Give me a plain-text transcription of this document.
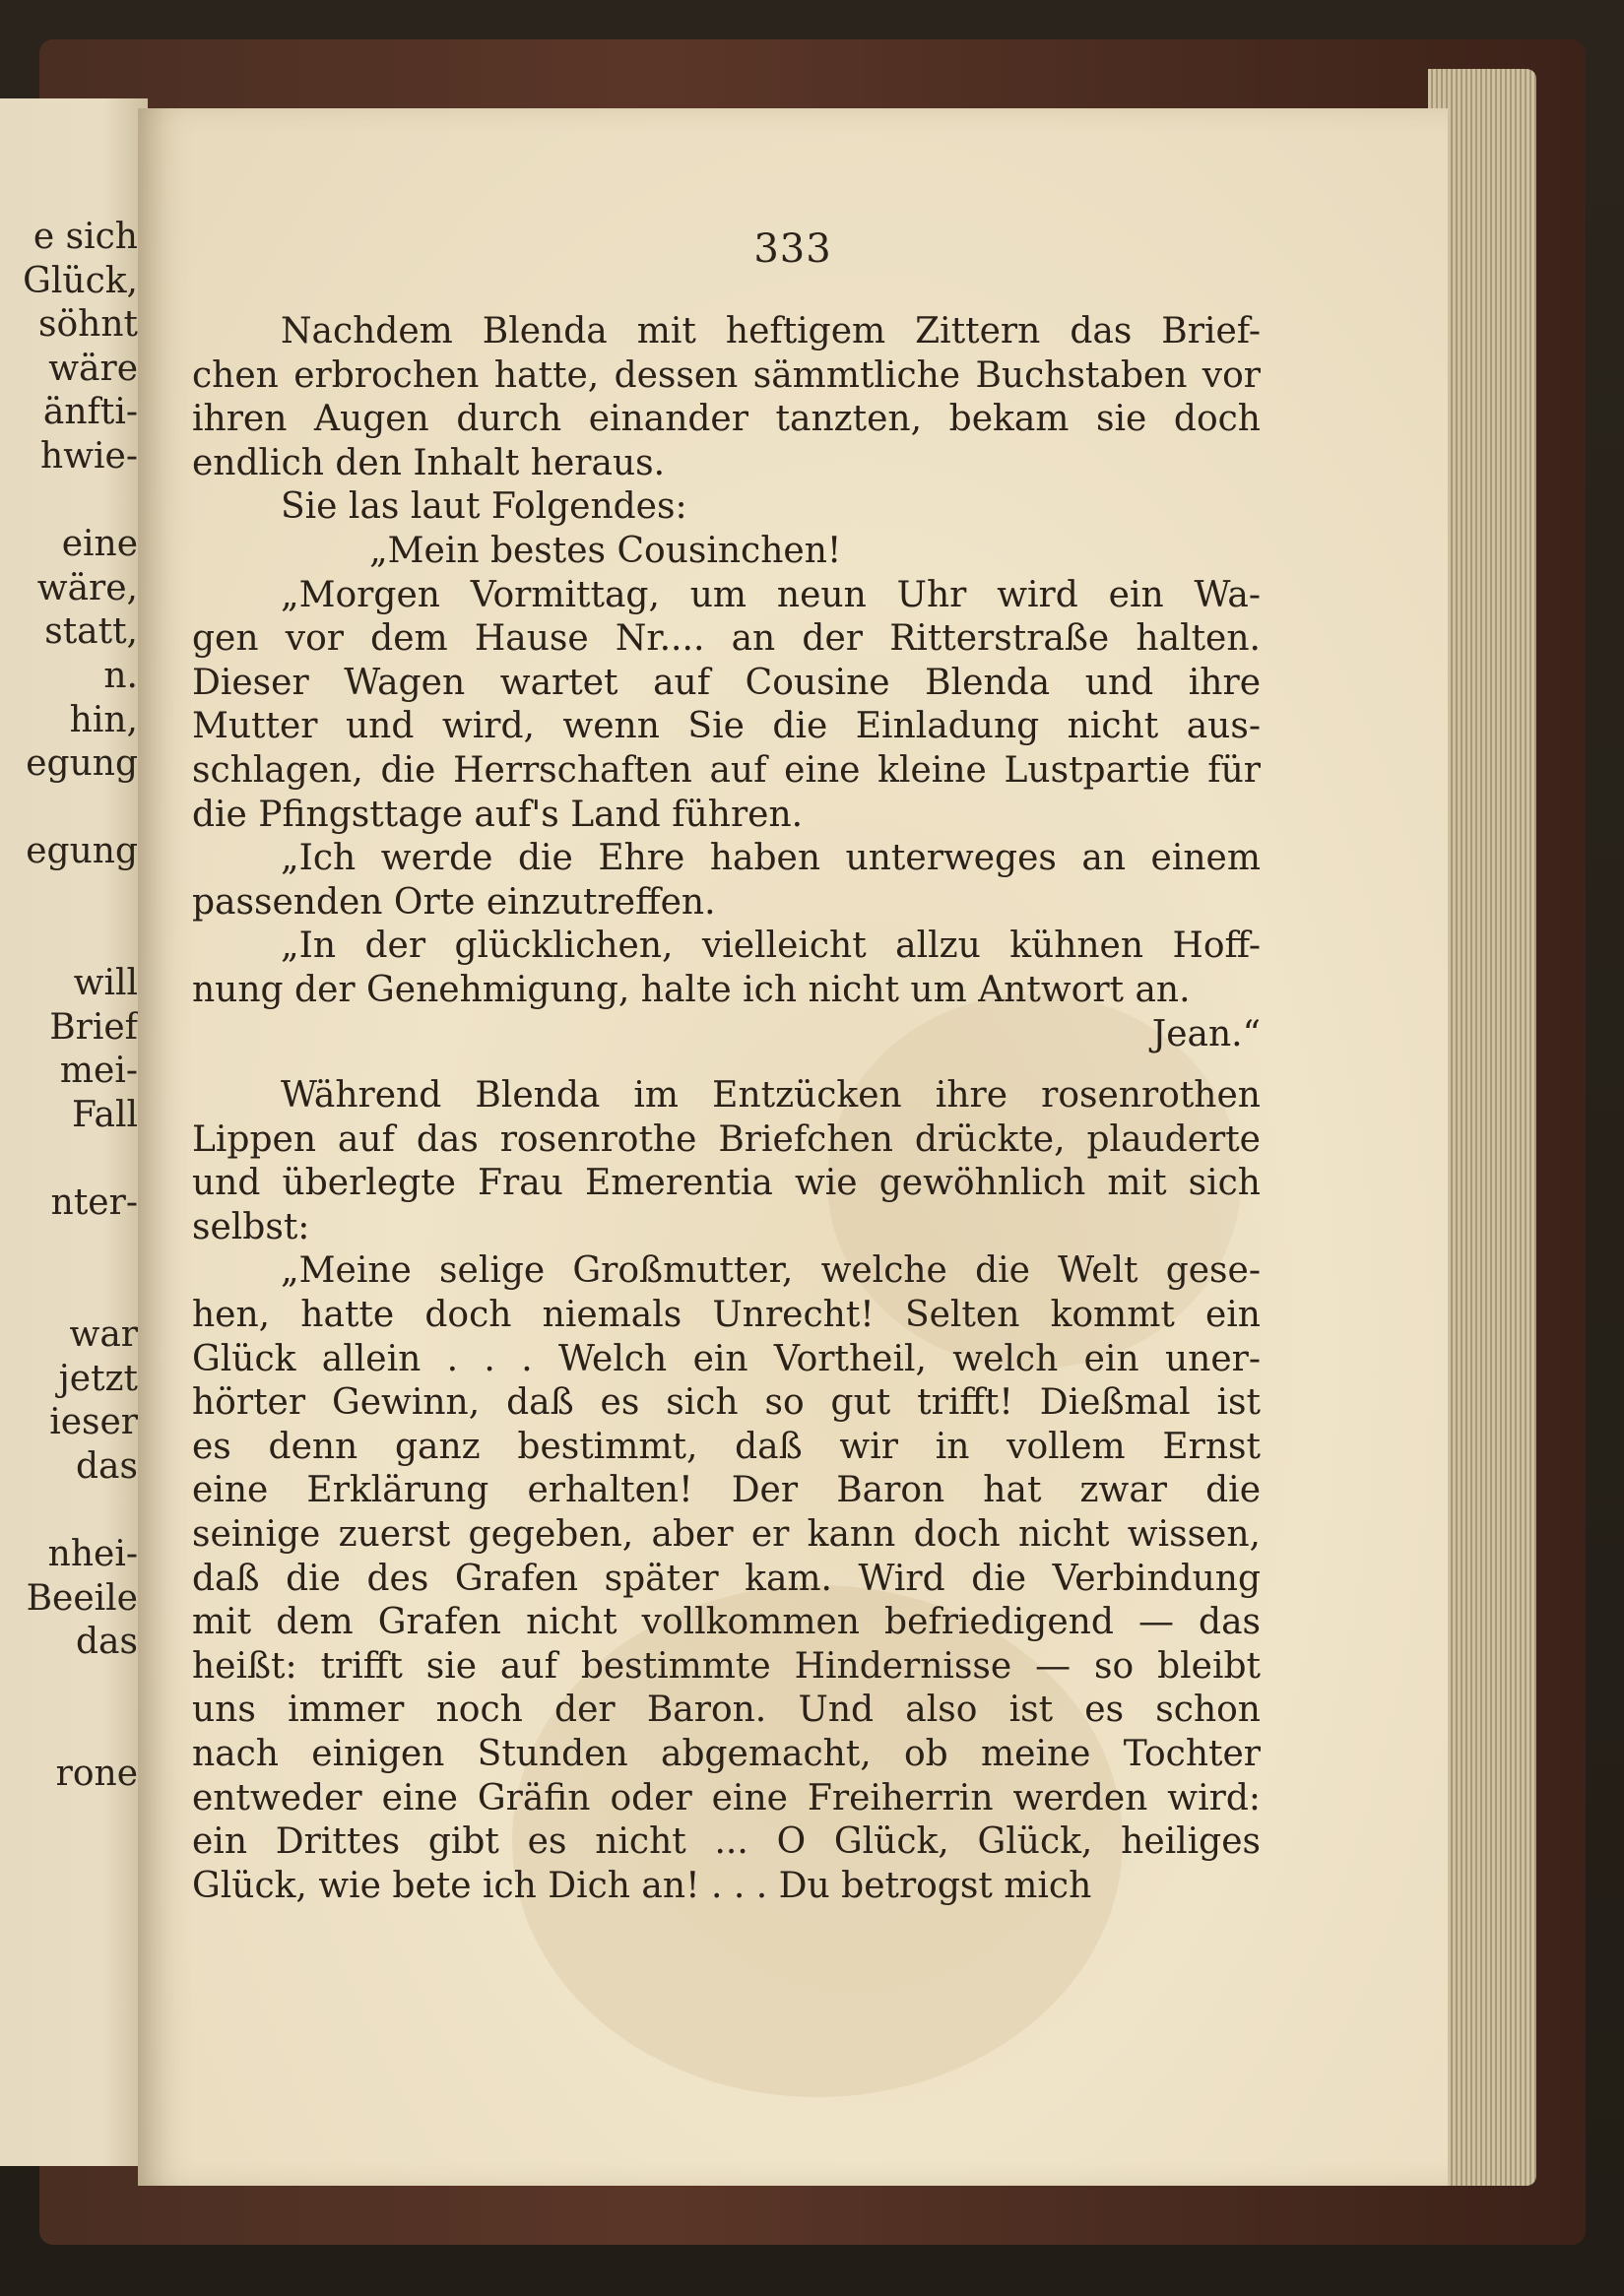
e sich
Glück,
söhnt
wäre
änfti-
hwie-
eine
wäre,
statt,
n.
hin,
egung
egung
will
Brief
mei-
Fall
nter-
war
jetzt
ieser
das
nhei-
Beeile
das
rone
333
Nachdem Blenda mit heftigem Zittern das Brief-
chen erbrochen hatte, dessen sämmtliche Buchstaben vor
ihren Augen durch einander tanzten, bekam sie doch
endlich den Inhalt heraus.
Sie las laut Folgendes:
„Mein bestes Cousinchen!
„Morgen Vormittag, um neun Uhr wird ein Wa-
gen vor dem Hause Nr.... an der Ritterstraße halten.
Dieser Wagen wartet auf Cousine Blenda und ihre
Mutter und wird, wenn Sie die Einladung nicht aus-
schlagen, die Herrschaften auf eine kleine Lustpartie für
die Pfingsttage auf's Land führen.
„Ich werde die Ehre haben unterweges an einem
passenden Orte einzutreffen.
„In der glücklichen, vielleicht allzu kühnen Hoff-
nung der Genehmigung, halte ich nicht um Antwort an.
Jean.“
Während Blenda im Entzücken ihre rosenrothen
Lippen auf das rosenrothe Briefchen drückte, plauderte
und überlegte Frau Emerentia wie gewöhnlich mit sich
selbst:
„Meine selige Großmutter, welche die Welt gese-
hen, hatte doch niemals Unrecht! Selten kommt ein
Glück allein . . . Welch ein Vortheil, welch ein uner-
hörter Gewinn, daß es sich so gut trifft! Dießmal ist
es denn ganz bestimmt, daß wir in vollem Ernst
eine Erklärung erhalten! Der Baron hat zwar die
seinige zuerst gegeben, aber er kann doch nicht wissen,
daß die des Grafen später kam. Wird die Verbindung
mit dem Grafen nicht vollkommen befriedigend — das
heißt: trifft sie auf bestimmte Hindernisse — so bleibt
uns immer noch der Baron. Und also ist es schon
nach einigen Stunden abgemacht, ob meine Tochter
entweder eine Gräfin oder eine Freiherrin werden wird:
ein Drittes gibt es nicht ... O Glück, Glück, heiliges
Glück, wie bete ich Dich an! . . . Du betrogst mich
